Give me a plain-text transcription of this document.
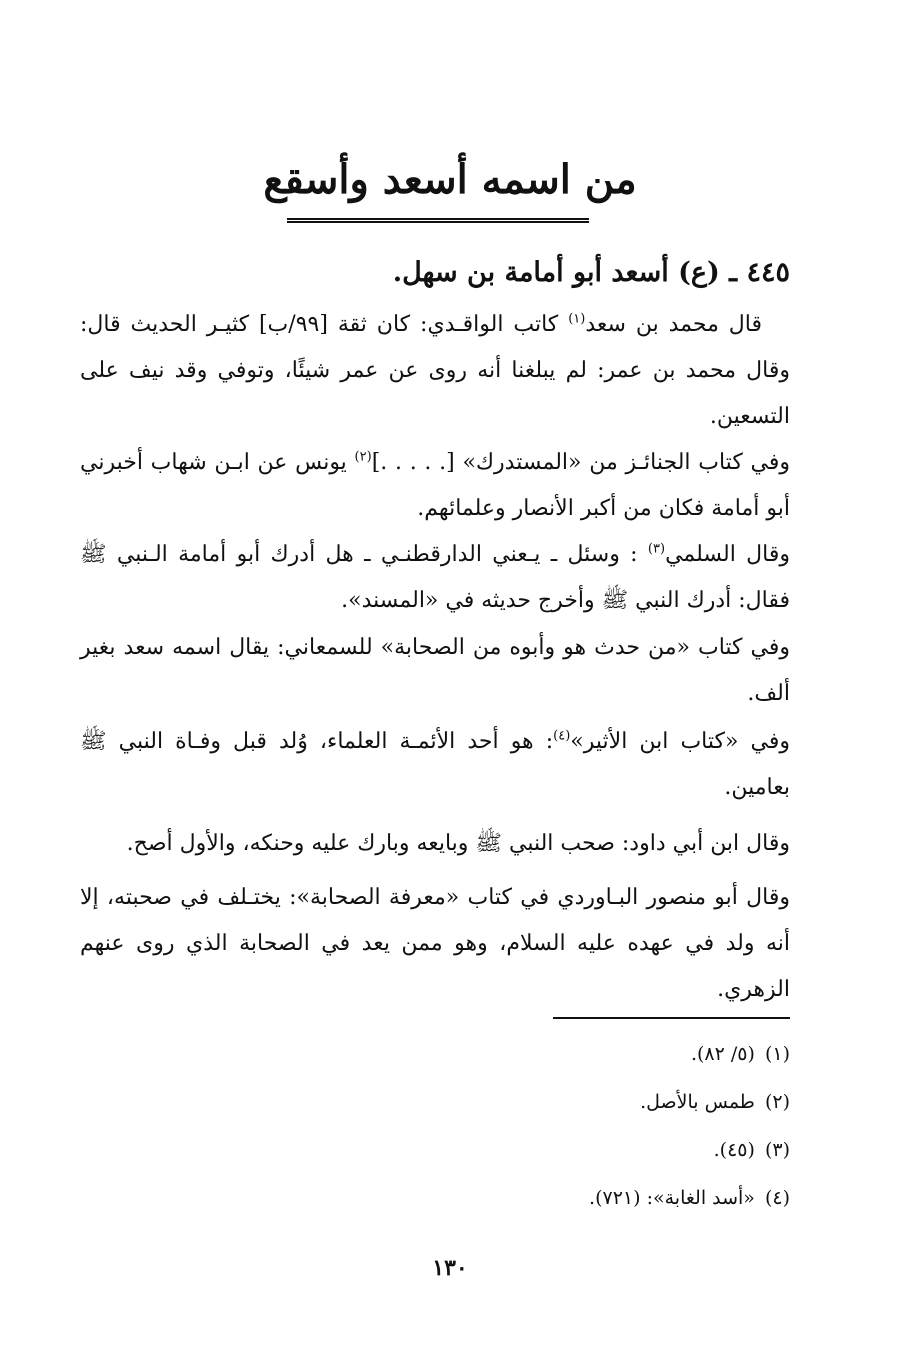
من اسمه أسعد وأسقع
٤٤٥ ـ (ع) أسعد أبو أمامة بن سهل.
قال محمد بن سعد$^{(١)}$ كاتب الواقـدي: كان ثقة [٩٩/ب] كثيـر الحديث قال: وقال محمد بن عمر: لم يبلغنا أنه روى عن عمر شيئًا، وتوفي وقد نيف على التسعين.
وفي كتاب الجنائـز من «المستدرك» [. . . . .]$^{(٢)}$ يونس عن ابـن شهاب أخبرني أبو أمامة فكان من أكبر الأنصار وعلمائهم.
وقال السلمي$^{(٣)}$ : وسئل ـ يـعني الدارقطنـي ـ هل أدرك أبو أمامة الـنبي ﷺ فقال: أدرك النبي ﷺ وأخرج حديثه في «المسند».
وفي كتاب «من حدث هو وأبوه من الصحابة» للسمعاني: يقال اسمه سعد بغير ألف.
وفي «كتاب ابن الأثير»$^{(٤)}$: هو أحد الأئمـة العلماء، وُلد قبل وفـاة النبي ﷺ بعامين.
وقال ابن أبي داود: صحب النبي ﷺ وبايعه وبارك عليه وحنكه، والأول أصح.
وقال أبو منصور البـاوردي في كتاب «معرفة الصحابة»: يختـلف في صحبته، إلا أنه ولد في عهده عليه السلام، وهو ممن يعد في الصحابة الذي روى عنهم الزهري.
(١)(٥/ ٨٢).
(٢)طمس بالأصل.
(٣)(٤٥).
(٤)«أسد الغابة»: (٧٢١).
١٣٠
